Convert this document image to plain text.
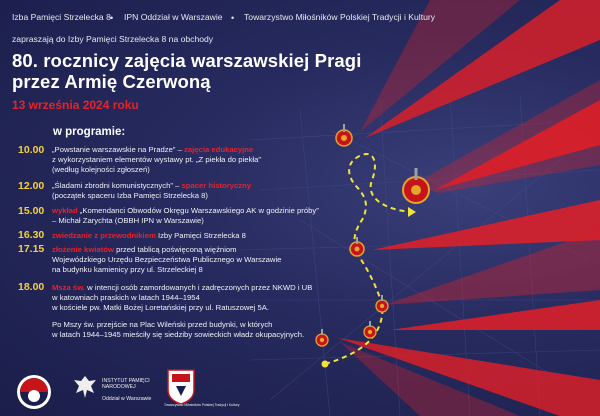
Izba Pamięci Strzelecka 8 • IPN Oddział w Warszawie • Towarzystwo Miłośników Polskiej Tradycji i Kultury
zapraszają do Izby Pamięci Strzelecka 8 na obchody
80. rocznicy zajęcia warszawskiej Pragi
przez Armię Czerwoną
13 września 2024 roku
w programie:
10.00 „Powstanie warszawskie na Pradze” – zajęcia edukacyjne
z wykorzystaniem elementów wystawy pt. „Z piekła do piekła”
(według kolejności zgłoszeń)
12.00 „Śladami zbrodni komunistycznych” – spacer historyczny
(początek spaceru Izba Pamięci Strzelecka 8)
15.00 wykład „Komendanci Obwodów Okręgu Warszawskiego AK w godzinie próby”
– Michał Zarychta (OBBH IPN w Warszawie)
16.30 zwiedzanie z przewodnikiem Izby Pamięci Strzelecka 8
17.15 złożenie kwiatów przed tablicą poświęconą więźniom
Wojewódzkiego Urzędu Bezpieczeństwa Publicznego w Warszawie
na budynku kamienicy przy ul. Strzeleckiej 8
18.00 Msza św. w intencji osób zamordowanych i zadręczonych przez NKWD i UB
w katowniach praskich w latach 1944–1954
w kościele pw. Matki Bożej Loretańskiej przy ul. Ratuszowej 5A.
Po Mszy św. przejście na Plac Wileński przed budynki, w których
w latach 1944–1945 mieściły się siedziby sowieckich władz okupacyjnych.
INSTYTUT PAMIĘCI
NARODOWEJ
Oddział w Warszawie
Towarzystwo Miłośników Polskiej Tradycji i Kultury
